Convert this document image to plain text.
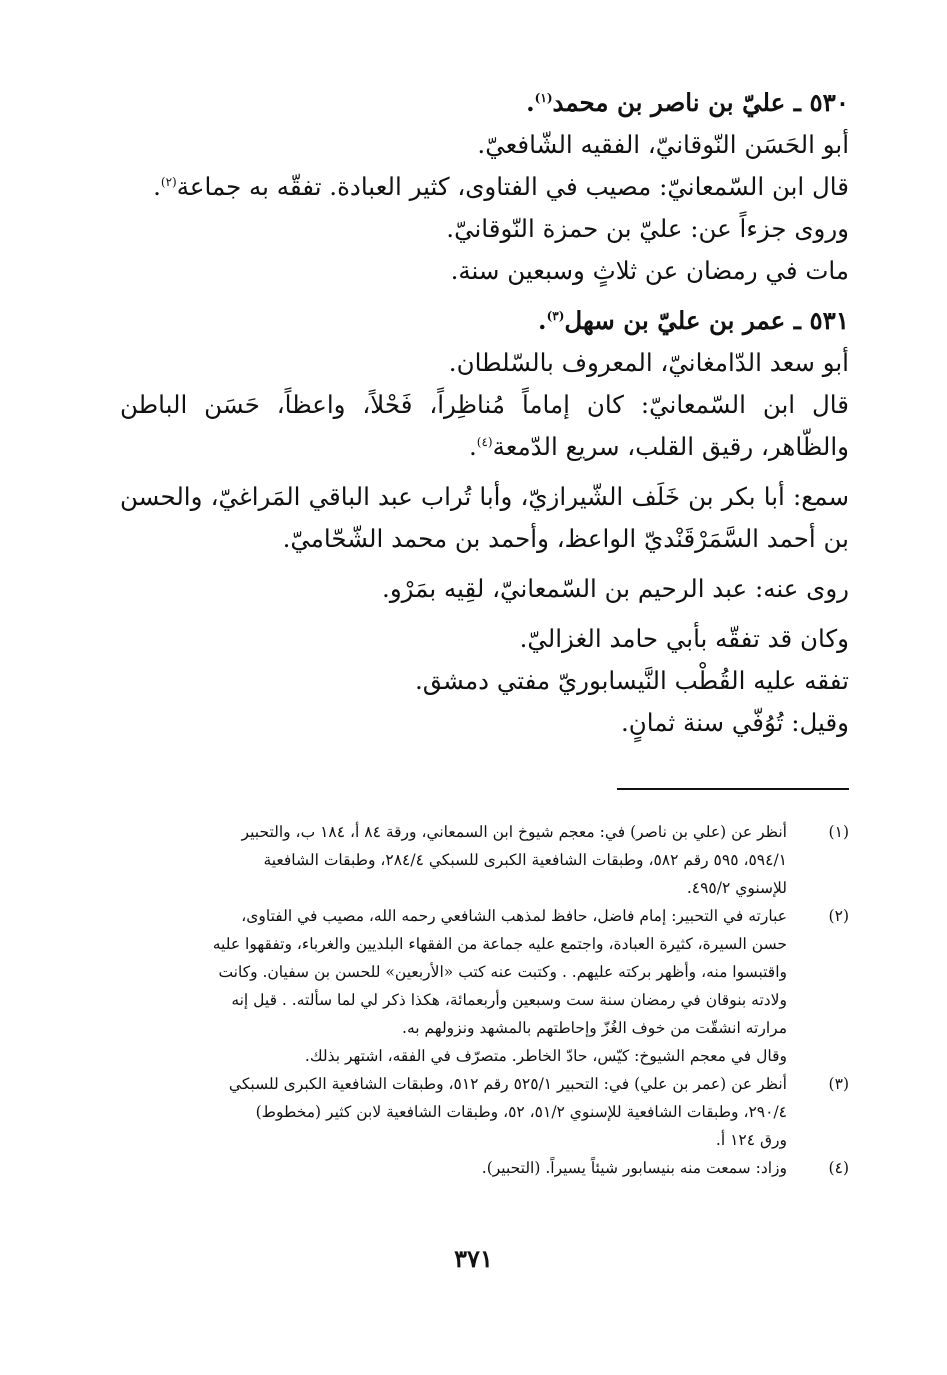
٥٣٠ ـ عليّ بن ناصر بن محمد$^{(١)}$.
أبو الحَسَن النّوقانيّ، الفقيه الشّافعيّ.
قال ابن السّمعانيّ: مصيب في الفتاوى، كثير العبادة. تفقّه به جماعة$^{(٢)}$.
وروى جزءاً عن: عليّ بن حمزة النّوقانيّ.
مات في رمضان عن ثلاثٍ وسبعين سنة.
٥٣١ ـ عمر بن عليّ بن سهل$^{(٣)}$.
أبو سعد الدّامغانيّ، المعروف بالسّلطان.
قال ابن السّمعانيّ: كان إماماً مُناظِراً، فَحْلاً، واعظاً، حَسَن الباطن والظّاهر، رقيق القلب، سريع الدّمعة$^{(٤)}$.
سمع: أبا بكر بن خَلَف الشّيرازيّ، وأبا تُراب عبد الباقي المَراغيّ، والحسن بن أحمد السَّمَرْقَنْديّ الواعظ، وأحمد بن محمد الشّحّاميّ.
روى عنه: عبد الرحيم بن السّمعانيّ، لقِيه بمَرْو.
وكان قد تفقّه بأبي حامد الغزاليّ.
تفقه عليه القُطْب النَّيسابوريّ مفتي دمشق.
وقيل: تُوُفّي سنة ثمانٍ.
(١)
أنظر عن (علي بن ناصر) في: معجم شيوخ ابن السمعاني، ورقة ٨٤ أ، ١٨٤ ب، والتحبير
٥٩٤/١، ٥٩٥ رقم ٥٨٢، وطبقات الشافعية الكبرى للسبكي ٢٨٤/٤، وطبقات الشافعية
للإسنوي ٤٩٥/٢.
(٢)
عبارته في التحبير: إمام فاضل، حافظ لمذهب الشافعي رحمه الله، مصيب في الفتاوى،
حسن السيرة، كثيرة العبادة، واجتمع عليه جماعة من الفقهاء البلديين والغرباء، وتفقهوا عليه
واقتبسوا منه، وأظهر بركته عليهم. . وكتبت عنه كتب «الأربعين» للحسن بن سفيان. وكانت
ولادته بنوقان في رمضان سنة ست وسبعين وأربعمائة، هكذا ذكر لي لما سألته. . قيل إنه
مرارته انشقّت من خوف الغُزّ وإحاطتهم بالمشهد ونزولهم به.
وقال في معجم الشيوخ: كيّس، حادّ الخاطر. متصرّف في الفقه، اشتهر بذلك.
(٣)
أنظر عن (عمر بن علي) في: التحبير ٥٢٥/١ رقم ٥١٢، وطبقات الشافعية الكبرى للسبكي
٢٩٠/٤، وطبقات الشافعية للإسنوي ٥١/٢، ٥٢، وطبقات الشافعية لابن كثير (مخطوط)
ورق ١٢٤ أ.
(٤)
وزاد: سمعت منه بنيسابور شيئاً يسيراً. (التحبير).
٣٧١
